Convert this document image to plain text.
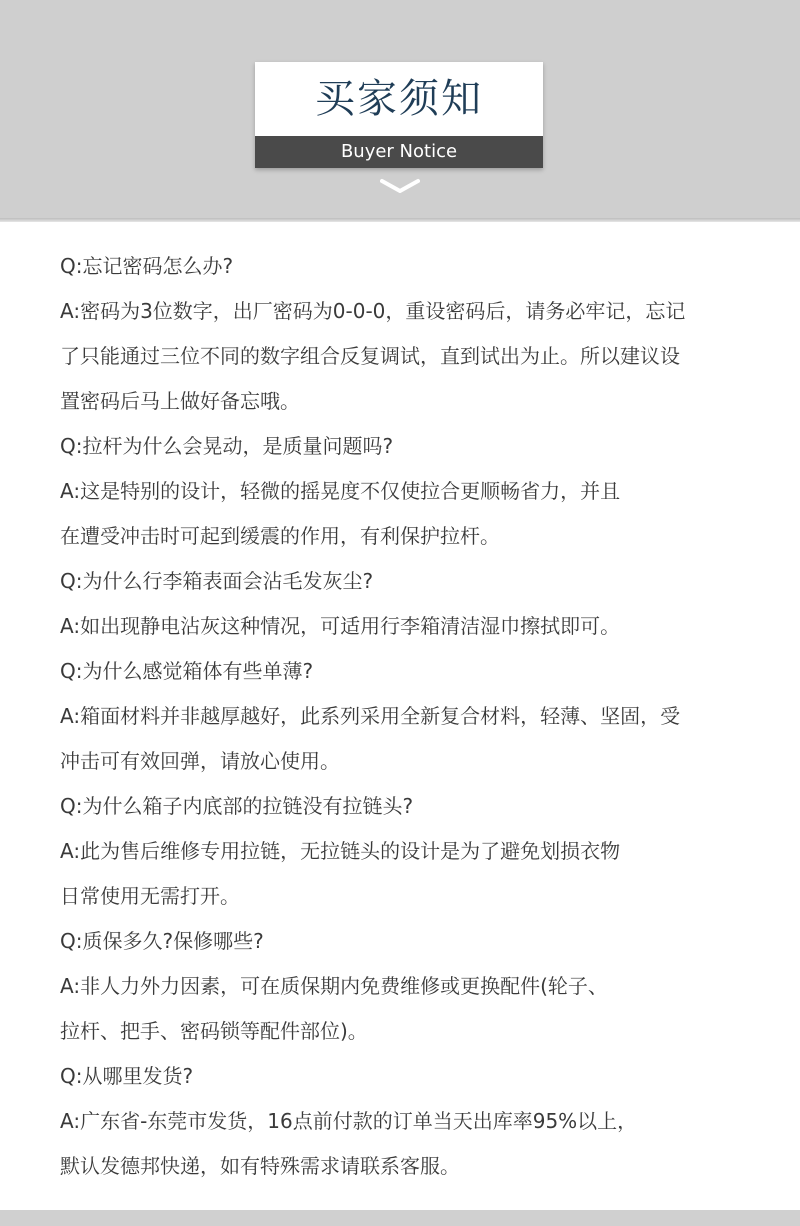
买家须知
Buyer Notice

Q:忘记密码怎么办?

A:密码为3位数字，出厂密码为0-0-0，重设密码后，请务必牢记，忘记

了只能通过三位不同的数字组合反复调试，直到试出为止。所以建议设

置密码后马上做好备忘哦。

Q:拉杆为什么会晃动，是质量问题吗?

A:这是特别的设计，轻微的摇晃度不仅使拉合更顺畅省力，并且

在遭受冲击时可起到缓震的作用，有利保护拉杆。

Q:为什么行李箱表面会沾毛发灰尘?

A:如出现静电沾灰这种情况，可适用行李箱清洁湿巾擦拭即可。

Q:为什么感觉箱体有些单薄?

A:箱面材料并非越厚越好，此系列采用全新复合材料，轻薄、坚固，受

冲击可有效回弹，请放心使用。

Q:为什么箱子内底部的拉链没有拉链头?

A:此为售后维修专用拉链，无拉链头的设计是为了避免划损衣物

日常使用无需打开。

Q:质保多久?保修哪些?

A:非人力外力因素，可在质保期内免费维修或更换配件(轮子、

拉杆、把手、密码锁等配件部位)。

Q:从哪里发货?

A:广东省-东莞市发货，16点前付款的订单当天出库率95%以上，

默认发德邦快递，如有特殊需求请联系客服。
